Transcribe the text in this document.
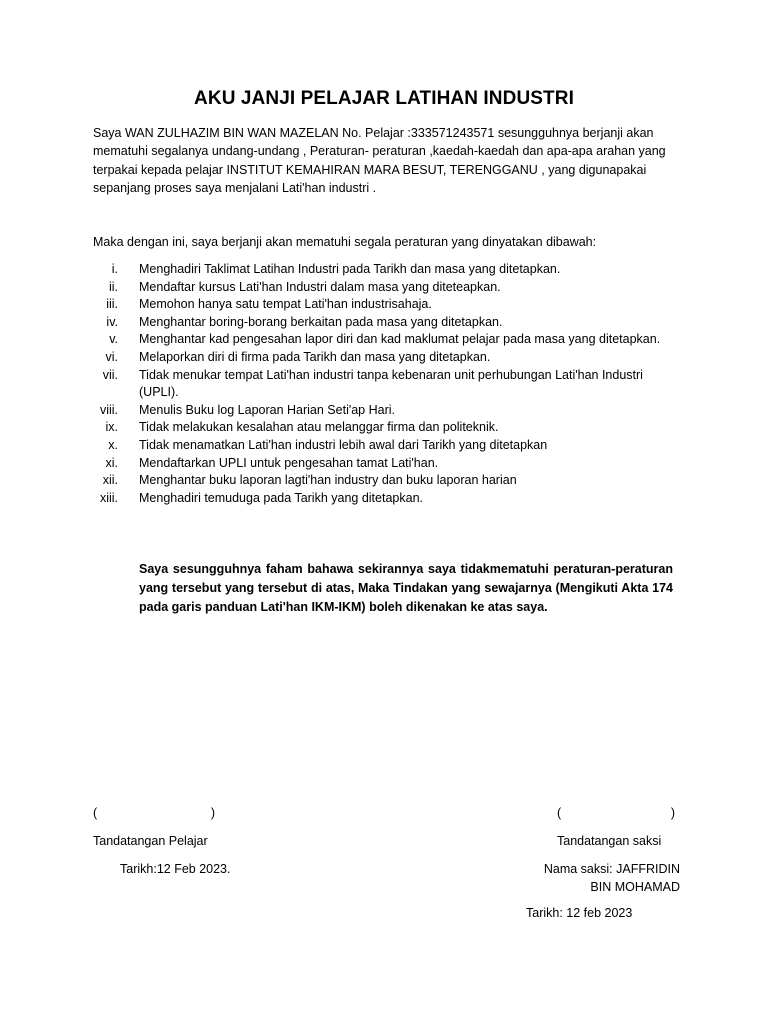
AKU JANJI PELAJAR LATIHAN INDUSTRI

Saya WAN ZULHAZIM BIN WAN MAZELAN No. Pelajar :333571243571 sesungguhnya berjanji akan mematuhi segalanya undang-undang , Peraturan- peraturan ,kaedah-kaedah dan apa-apa arahan yang terpakai kepada pelajar INSTITUT KEMAHIRAN MARA BESUT, TERENGGANU , yang digunapakai sepanjang proses saya menjalani Lati'han industri .

Maka dengan ini, saya berjanji akan mematuhi segala peraturan yang dinyatakan dibawah:

i. Menghadiri Taklimat Latihan Industri pada Tarikh dan masa yang ditetapkan.
ii. Mendaftar kursus Lati'han Industri dalam masa yang diteteapkan.
iii. Memohon hanya satu tempat Lati'han industrisahaja.
iv. Menghantar boring-borang berkaitan pada masa yang ditetapkan.
v. Menghantar kad pengesahan lapor diri dan kad maklumat pelajar pada masa yang ditetapkan.
vi. Melaporkan diri di firma pada Tarikh dan masa yang ditetapkan.
vii. Tidak menukar tempat Lati'han industri tanpa kebenaran unit perhubungan Lati'han Industri (UPLI).
viii. Menulis Buku log Laporan Harian Seti'ap Hari.
ix. Tidak melakukan kesalahan atau melanggar firma dan politeknik.
x. Tidak menamatkan Lati'han industri lebih awal dari Tarikh yang ditetapkan
xi. Mendaftarkan UPLI untuk pengesahan tamat Lati'han.
xii. Menghantar buku laporan lagti'han industry dan buku laporan harian
xiii. Menghadiri temuduga pada Tarikh yang ditetapkan.

Saya sesungguhnya faham bahawa sekirannya saya tidakmematuhi peraturan-peraturan yang tersebut yang tersebut di atas, Maka Tindakan yang sewajarnya (Mengikuti Akta 174 pada garis panduan Lati'han IKM-IKM) boleh dikenakan ke atas saya.

(	)	(	)
Tandatangan Pelajar	Tandatangan saksi
Tarikh:12 Feb 2023.	Nama saksi: JAFFRIDIN BIN MOHAMAD
Tarikh: 12 feb 2023
